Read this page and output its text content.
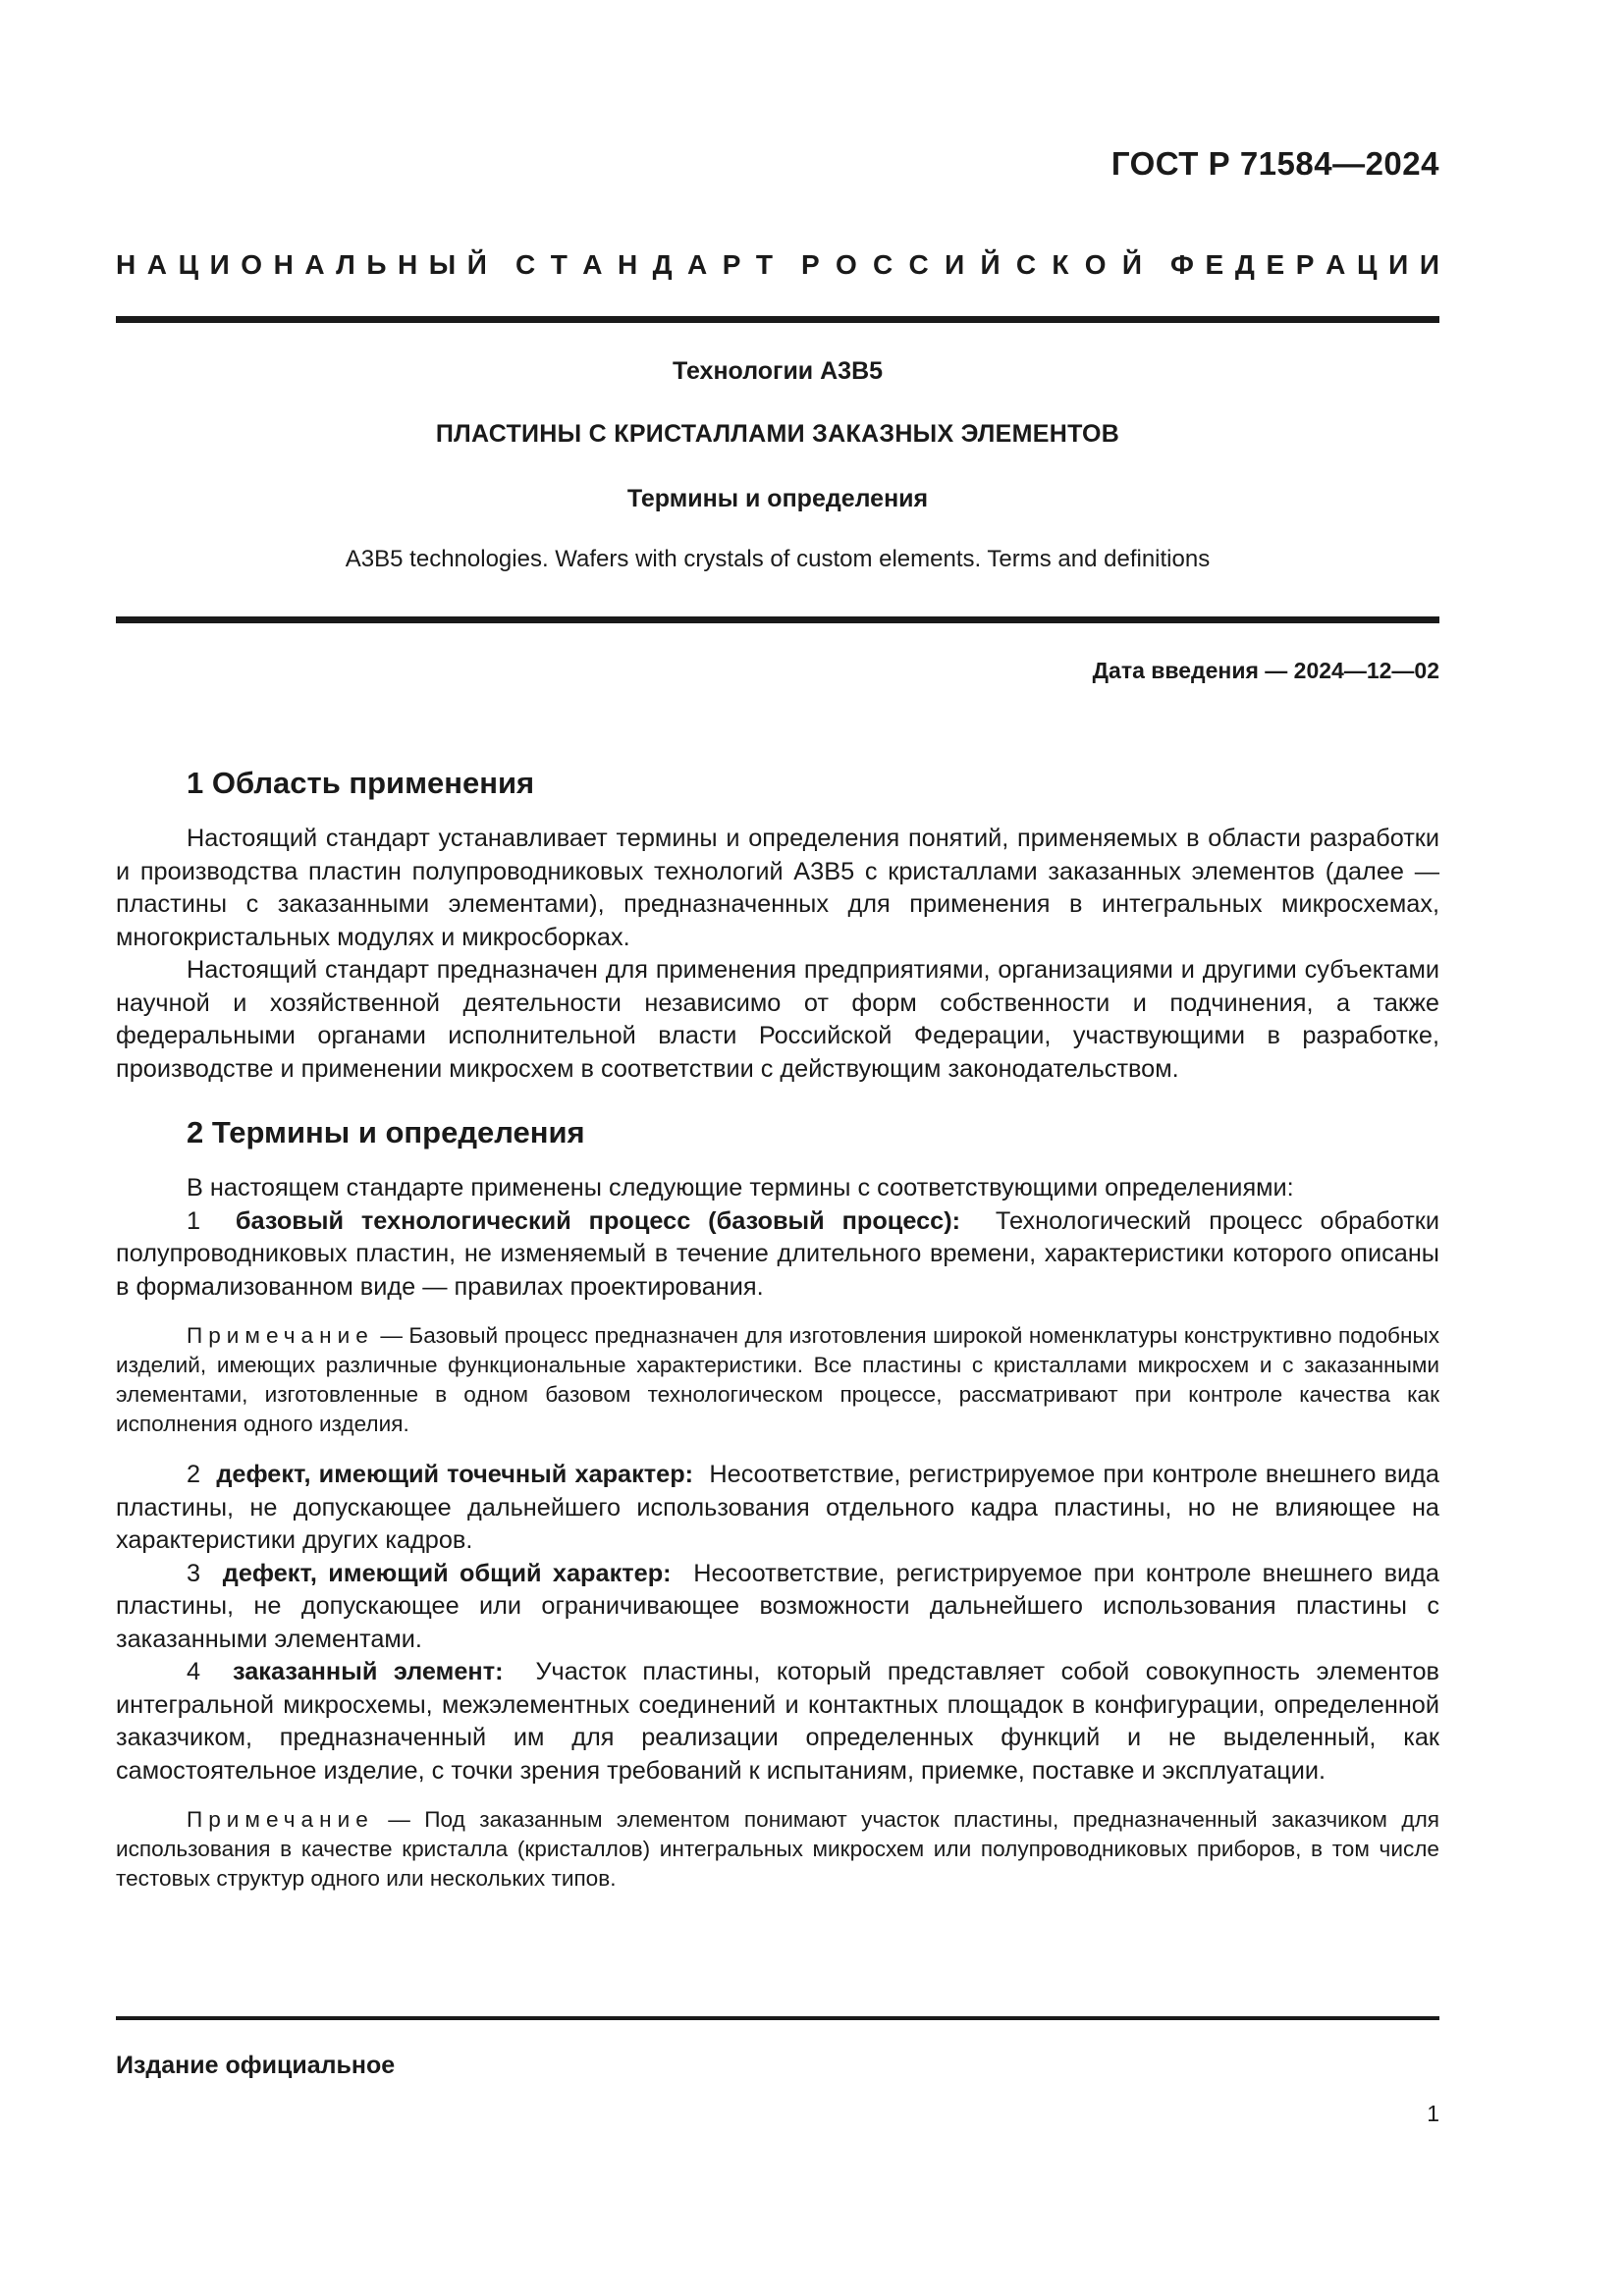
ГОСТ Р 71584—2024
Н А Ц И О Н А Л Ь Н Ы Й С Т А Н Д А Р Т Р О С С И Й С К О Й Ф Е Д Е Р А Ц И И
Технологии А3В5
ПЛАСТИНЫ С КРИСТАЛЛАМИ ЗАКАЗНЫХ ЭЛЕМЕНТОВ
Термины и определения
A3B5 technologies. Wafers with crystals of custom elements. Terms and definitions
Дата введения — 2024—12—02
1 Область применения

Настоящий стандарт устанавливает термины и определения понятий, применяемых в области разработки и производства пластин полупроводниковых технологий А3В5 с кристаллами заказанных элементов (далее — пластины с заказанными элементами), предназначенных для применения в интегральных микросхемах, многокристальных модулях и микросборках.

Настоящий стандарт предназначен для применения предприятиями, организациями и другими субъектами научной и хозяйственной деятельности независимо от форм собственности и подчинения, а также федеральными органами исполнительной власти Российской Федерации, участвующими в разработке, производстве и применении микросхем в соответствии с действующим законодательством.

2 Термины и определения

В настоящем стандарте применены следующие термины с соответствующими определениями:

1 базовый технологический процесс (базовый процесс): Технологический процесс обработки полупроводниковых пластин, не изменяемый в течение длительного времени, характеристики которого описаны в формализованном виде — правилах проектирования.

Примечание — Базовый процесс предназначен для изготовления широкой номенклатуры конструктивно подобных изделий, имеющих различные функциональные характеристики. Все пластины с кристаллами микросхем и с заказанными элементами, изготовленные в одном базовом технологическом процессе, рассматривают при контроле качества как исполнения одного изделия.

2 дефект, имеющий точечный характер: Несоответствие, регистрируемое при контроле внешнего вида пластины, не допускающее дальнейшего использования отдельного кадра пластины, но не влияющее на характеристики других кадров.

3 дефект, имеющий общий характер: Несоответствие, регистрируемое при контроле внешнего вида пластины, не допускающее или ограничивающее возможности дальнейшего использования пластины с заказанными элементами.

4 заказанный элемент: Участок пластины, который представляет собой совокупность элементов интегральной микросхемы, межэлементных соединений и контактных площадок в конфигурации, определенной заказчиком, предназначенный им для реализации определенных функций и не выделенный, как самостоятельное изделие, с точки зрения требований к испытаниям, приемке, поставке и эксплуатации.

Примечание — Под заказанным элементом понимают участок пластины, предназначенный заказчиком для использования в качестве кристалла (кристаллов) интегральных микросхем или полупроводниковых приборов, в том числе тестовых структур одного или нескольких типов.
Издание официальное
1
